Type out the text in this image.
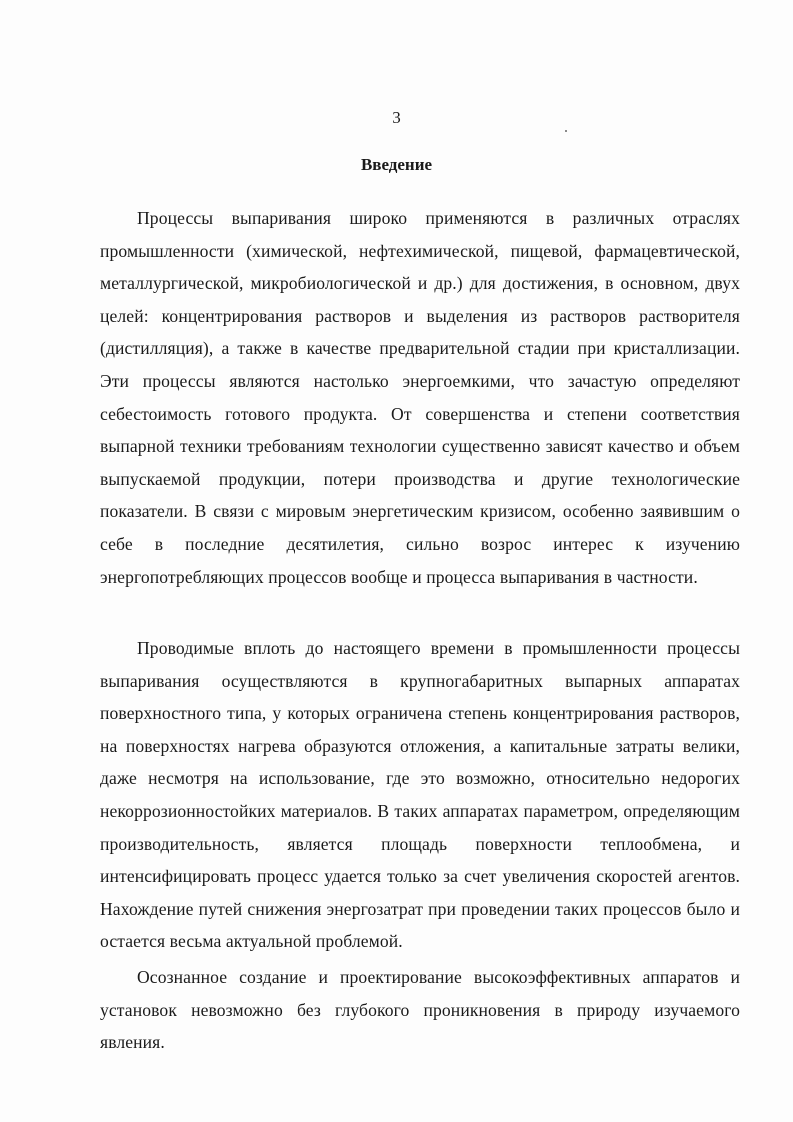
3
Введение

Процессы выпаривания широко применяются в различных отраслях промышленности (химической, нефтехимической, пищевой, фармацевтической, металлургической, микробиологической и др.) для достижения, в основном, двух целей: концентрирования растворов и выделения из растворов растворителя (дистилляция), а также в качестве предварительной стадии при кристаллизации. Эти процессы являются настолько энергоемкими, что зачастую определяют себестоимость готового продукта. От совершенства и степени соответствия выпарной техники требованиям технологии существенно зависят качество и объем выпускаемой продукции, потери производства и другие технологические показатели. В связи с мировым энергетическим кризисом, особенно заявившим о себе в последние десятилетия, сильно возрос интерес к изучению энергопотребляющих процессов вообще и процесса выпаривания в частности.

Проводимые вплоть до настоящего времени в промышленности процессы выпаривания осуществляются в крупногабаритных выпарных аппаратах поверхностного типа, у которых ограничена степень концентрирования растворов, на поверхностях нагрева образуются отложения, а капитальные затраты велики, даже несмотря на использование, где это возможно, относительно недорогих некоррозионностойких материалов. В таких аппаратах параметром, определяющим производительность, является площадь поверхности теплообмена, и интенсифицировать процесс удается только за счет увеличения скоростей агентов. Нахождение путей снижения энергозатрат при проведении таких процессов было и остается весьма актуальной проблемой.

Осознанное создание и проектирование высокоэффективных аппаратов и установок невозможно без глубокого проникновения в природу изучаемого явления.
